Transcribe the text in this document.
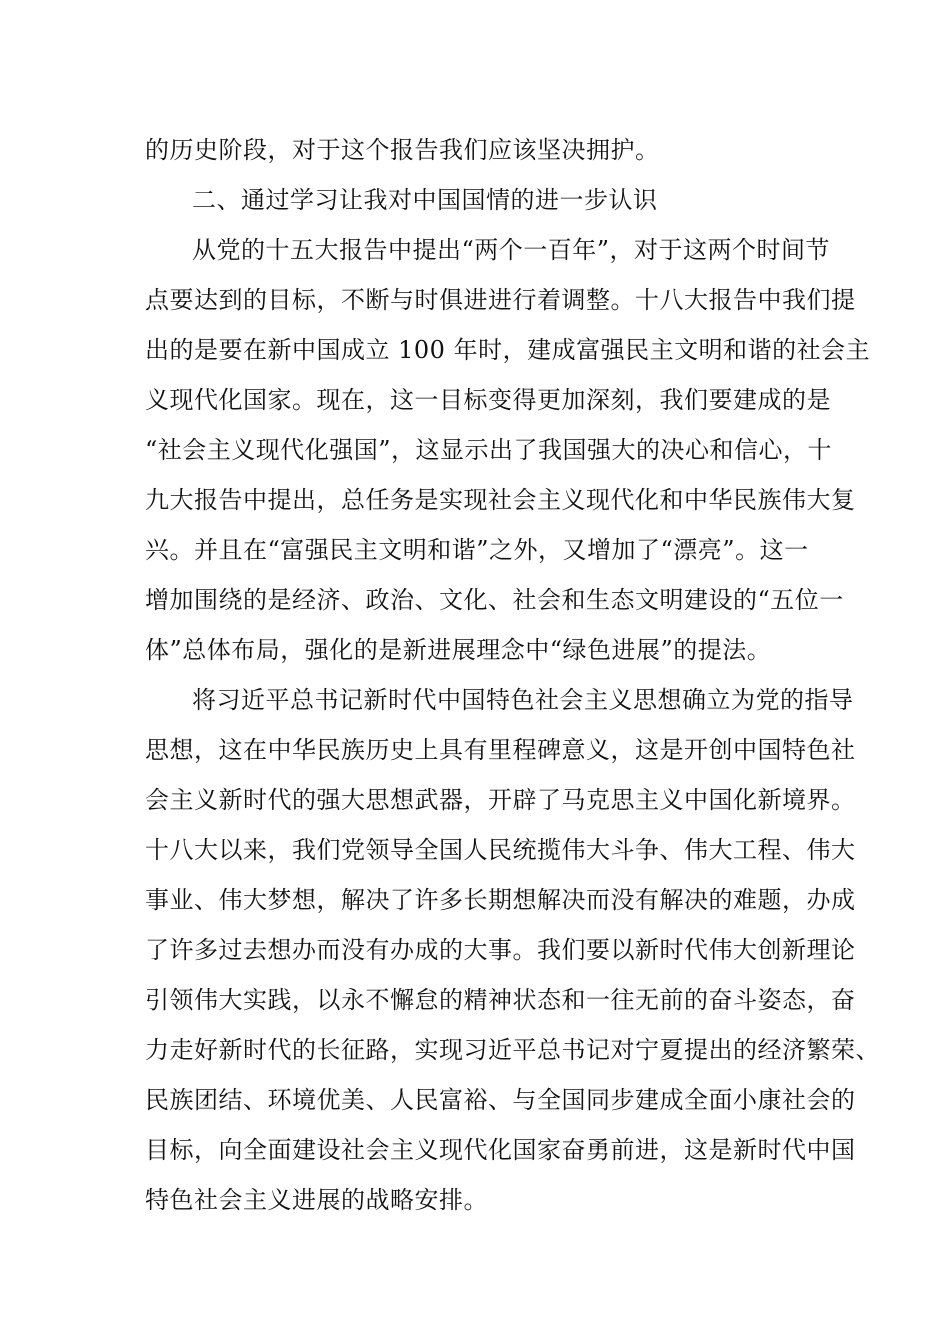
的历史阶段，对于这个报告我们应该坚决拥护。
二、通过学习让我对中国国情的进一步认识
从党的十五大报告中提出“两个一百年”，对于这两个时间节
点要达到的目标，不断与时俱进进行着调整。十八大报告中我们提
出的是要在新中国成立 100 年时，建成富强民主文明和谐的社会主
义现代化国家。现在，这一目标变得更加深刻，我们要建成的是
“社会主义现代化强国”，这显示出了我国强大的决心和信心，十
九大报告中提出，总任务是实现社会主义现代化和中华民族伟大复
兴。并且在“富强民主文明和谐”之外，又增加了“漂亮”。这一
增加围绕的是经济、政治、文化、社会和生态文明建设的“五位一
体”总体布局，强化的是新进展理念中“绿色进展”的提法。
将习近平总书记新时代中国特色社会主义思想确立为党的指导
思想，这在中华民族历史上具有里程碑意义，这是开创中国特色社
会主义新时代的强大思想武器，开辟了马克思主义中国化新境界。
十八大以来，我们党领导全国人民统揽伟大斗争、伟大工程、伟大
事业、伟大梦想，解决了许多长期想解决而没有解决的难题，办成
了许多过去想办而没有办成的大事。我们要以新时代伟大创新理论
引领伟大实践，以永不懈怠的精神状态和一往无前的奋斗姿态，奋
力走好新时代的长征路，实现习近平总书记对宁夏提出的经济繁荣、
民族团结、环境优美、人民富裕、与全国同步建成全面小康社会的
目标，向全面建设社会主义现代化国家奋勇前进，这是新时代中国
特色社会主义进展的战略安排。
